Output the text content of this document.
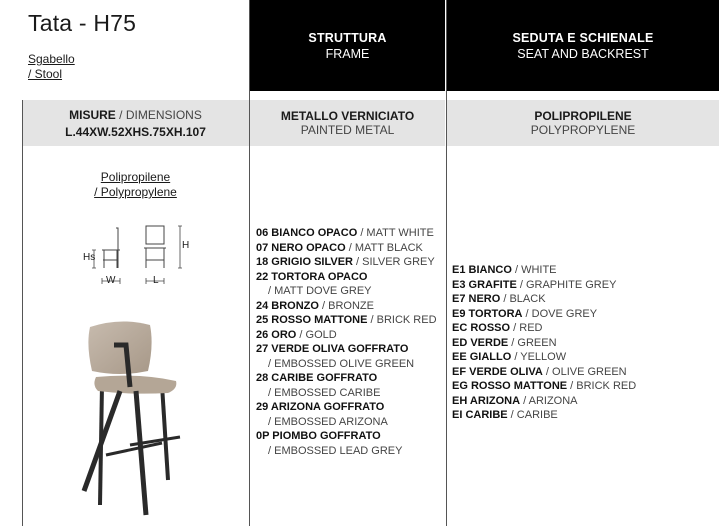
Tata - H75
Sgabello
/ Stool
STRUTTURA
FRAME
SEDUTA E SCHIENALE
SEAT AND BACKREST
MISURE / DIMENSIONS
L.44XW.52XHS.75XH.107
METALLO VERNICIATO
PAINTED METAL
POLIPROPILENE
POLYPROPYLENE
Polipropilene
/ Polypropylene
Hs
H
W	L
06 BIANCO OPACO / MATT WHITE
07 NERO OPACO / MATT BLACK
18 GRIGIO SILVER / SILVER GREY
22 TORTORA OPACO
/ MATT DOVE GREY
24 BRONZO / BRONZE
25 ROSSO MATTONE / BRICK RED
26 ORO / GOLD
27 VERDE OLIVA GOFFRATO
/ EMBOSSED OLIVE GREEN
28 CARIBE GOFFRATO
/ EMBOSSED CARIBE
29 ARIZONA GOFFRATO
/ EMBOSSED ARIZONA
0P PIOMBO GOFFRATO
/ EMBOSSED LEAD GREY
E1 BIANCO / WHITE
E3 GRAFITE / GRAPHITE GREY
E7 NERO / BLACK
E9 TORTORA / DOVE GREY
EC ROSSO / RED
ED VERDE / GREEN
EE GIALLO / YELLOW
EF VERDE OLIVA / OLIVE GREEN
EG ROSSO MATTONE / BRICK RED
EH ARIZONA / ARIZONA
EI CARIBE / CARIBE
